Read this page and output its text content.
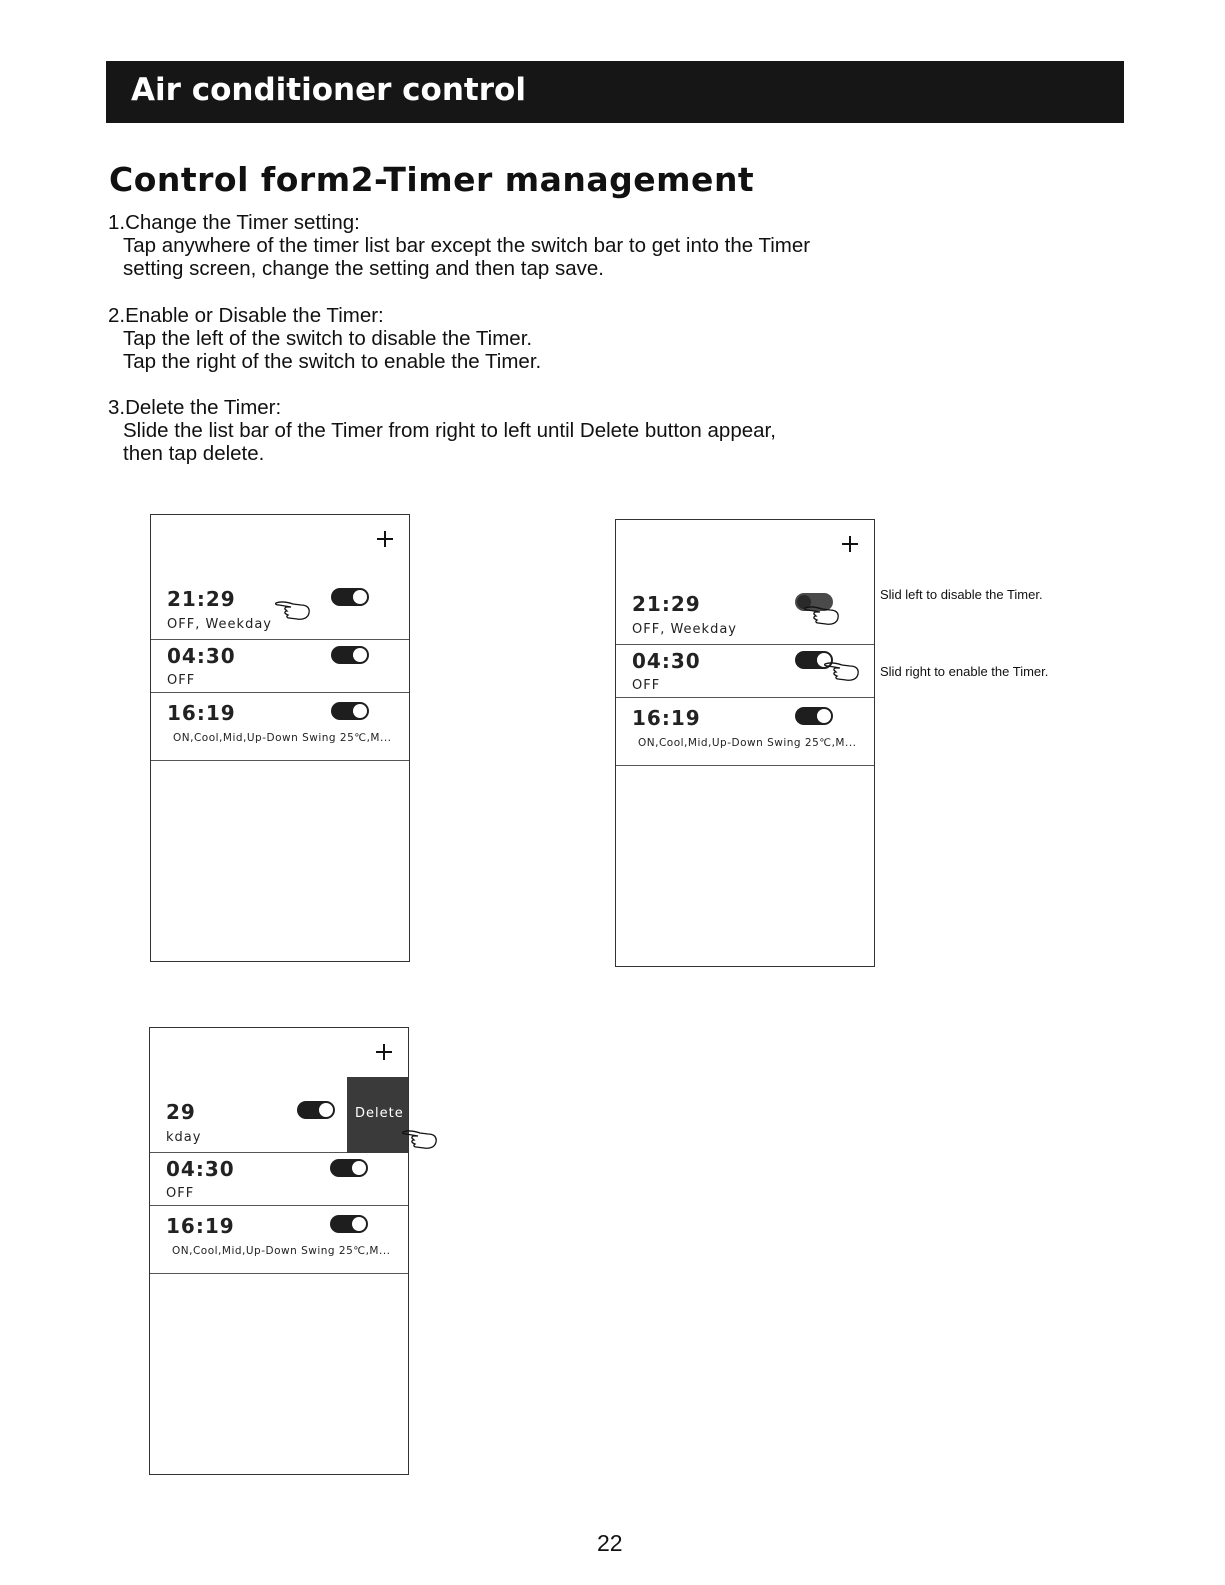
Air conditioner control
Control form2-Timer management
1.Change the Timer setting:
Tap anywhere of the timer list bar except the switch bar to get into the Timer
setting screen, change the setting and then tap save.
2.Enable or Disable the Timer:
Tap the left of the switch to disable the Timer.
Tap the right of the switch to enable the Timer.
3.Delete the Timer:
Slide the list bar of the Timer from right to left until Delete button appear,
then tap delete.
21:29
OFF, Weekday
04:30
OFF
16:19
ON,Cool,Mid,Up-Down Swing 25℃,M...
21:29
OFF, Weekday
04:30
OFF
16:19
ON,Cool,Mid,Up-Down Swing 25℃,M...
Slid left to disable the Timer.
Slid right to enable the Timer.
29
kday
Delete
04:30
OFF
16:19
ON,Cool,Mid,Up-Down Swing 25℃,M...
22
